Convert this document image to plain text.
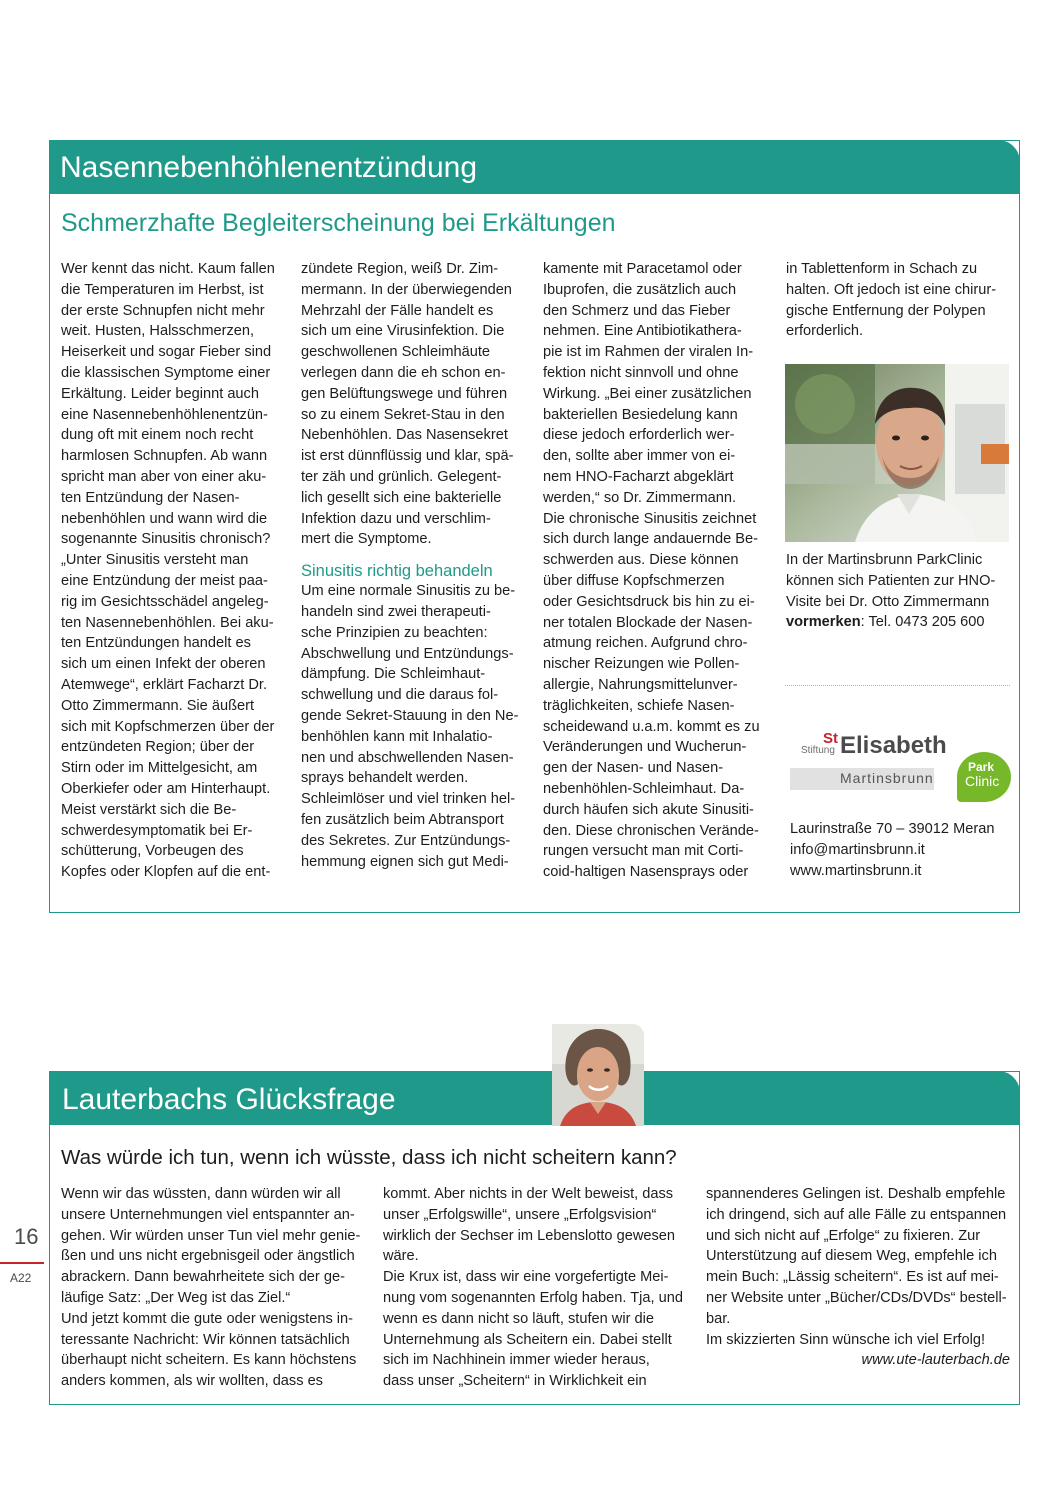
Nasennebenhöhlenentzündung
Schmerzhafte Begleiterscheinung bei Erkältungen
Wer kennt das nicht. Kaum fallen
die Temperaturen im Herbst, ist
der erste Schnupfen nicht mehr
weit. Husten, Halsschmerzen,
Heiserkeit und sogar Fieber sind
die klassischen Symptome einer
Erkältung. Leider beginnt auch
eine Nasennebenhöhlenentzün-
dung oft mit einem noch recht
harmlosen Schnupfen. Ab wann
spricht man aber von einer aku-
ten Entzündung der Nasen-
nebenhöhlen und wann wird die
sogenannte Sinusitis chronisch?
„Unter Sinusitis versteht man
eine Entzündung der meist paa-
rig im Gesichtsschädel angeleg-
ten Nasennebenhöhlen. Bei aku-
ten Entzündungen handelt es
sich um einen Infekt der oberen
Atemwege“, erklärt Facharzt Dr.
Otto Zimmermann. Sie äußert
sich mit Kopfschmerzen über der
entzündeten Region; über der
Stirn oder im Mittelgesicht, am
Oberkiefer oder am Hinterhaupt.
Meist verstärkt sich die Be-
schwerdesymptomatik bei Er-
schütterung, Vorbeugen des
Kopfes oder Klopfen auf die ent-
zündete Region, weiß Dr. Zim-
mermann. In der überwiegenden
Mehrzahl der Fälle handelt es
sich um eine Virusinfektion. Die
geschwollenen Schleimhäute
verlegen dann die eh schon en-
gen Belüftungswege und führen
so zu einem Sekret-Stau in den
Nebenhöhlen. Das Nasensekret
ist erst dünnflüssig und klar, spä-
ter zäh und grünlich. Gelegent-
lich gesellt sich eine bakterielle
Infektion dazu und verschlim-
mert die Symptome.
Sinusitis richtig behandeln
Um eine normale Sinusitis zu be-
handeln sind zwei therapeuti-
sche Prinzipien zu beachten:
Abschwellung und Entzündungs-
dämpfung. Die Schleimhaut-
schwellung und die daraus fol-
gende Sekret-Stauung in den Ne-
benhöhlen kann mit Inhalatio-
nen und abschwellenden Nasen-
sprays behandelt werden.
Schleimlöser und viel trinken hel-
fen zusätzlich beim Abtransport
des Sekretes. Zur Entzündungs-
hemmung eignen sich gut Medi-
kamente mit Paracetamol oder
Ibuprofen, die zusätzlich auch
den Schmerz und das Fieber
nehmen. Eine Antibiotikathera-
pie ist im Rahmen der viralen In-
fektion nicht sinnvoll und ohne
Wirkung. „Bei einer zusätzlichen
bakteriellen Besiedelung kann
diese jedoch erforderlich wer-
den, sollte aber immer von ei-
nem HNO-Facharzt abgeklärt
werden,“ so Dr. Zimmermann.
Die chronische Sinusitis zeichnet
sich durch lange andauernde Be-
schwerden aus. Diese können
über diffuse Kopfschmerzen
oder Gesichtsdruck bis hin zu ei-
ner totalen Blockade der Nasen-
atmung reichen. Aufgrund chro-
nischer Reizungen wie Pollen-
allergie, Nahrungsmittelunver-
träglichkeiten, schiefe Nasen-
scheidewand u.a.m. kommt es zu
Veränderungen und Wucherun-
gen der Nasen- und Nasen-
nebenhöhlen-Schleimhaut. Da-
durch häufen sich akute Sinusiti-
den. Diese chronischen Verände-
rungen versucht man mit Corti-
coid-haltigen Nasensprays oder
in Tablettenform in Schach zu
halten. Oft jedoch ist eine chirur-
gische Entfernung der Polypen
erforderlich.
In der Martinsbrunn ParkClinic
können sich Patienten zur HNO-
Visite bei Dr. Otto Zimmermann
vormerken: Tel. 0473 205 600
Stiftung
St Elisabeth
Martinsbrunn
Park
Clinic
Laurinstraße 70 – 39012 Meran
info@martinsbrunn.it
www.martinsbrunn.it
Lauterbachs Glücksfrage
Was würde ich tun, wenn ich wüsste, dass ich nicht scheitern kann?
Wenn wir das wüssten, dann würden wir all
unsere Unternehmungen viel entspannter an-
gehen. Wir würden unser Tun viel mehr genie-
ßen und uns nicht ergebnisgeil oder ängstlich
abrackern. Dann bewahrheitete sich der ge-
läufige Satz: „Der Weg ist das Ziel.“
Und jetzt kommt die gute oder wenigstens in-
teressante Nachricht: Wir können tatsächlich
überhaupt nicht scheitern. Es kann höchstens
anders kommen, als wir wollten, dass es
kommt. Aber nichts in der Welt beweist, dass
unser „Erfolgswille“, unsere „Erfolgsvision“
wirklich der Sechser im Lebenslotto gewesen
wäre.
Die Krux ist, dass wir eine vorgefertigte Mei-
nung vom sogenannten Erfolg haben. Tja, und
wenn es dann nicht so läuft, stufen wir die
Unternehmung als Scheitern ein. Dabei stellt
sich im Nachhinein immer wieder heraus,
dass unser „Scheitern“ in Wirklichkeit ein
spannenderes Gelingen ist. Deshalb empfehle
ich dringend, sich auf alle Fälle zu entspannen
und sich nicht auf „Erfolge“ zu fixieren. Zur
Unterstützung auf diesem Weg, empfehle ich
mein Buch: „Lässig scheitern“. Es ist auf mei-
ner Website unter „Bücher/CDs/DVDs“ bestell-
bar.
Im skizzierten Sinn wünsche ich viel Erfolg!
www.ute-lauterbach.de
16
A22
